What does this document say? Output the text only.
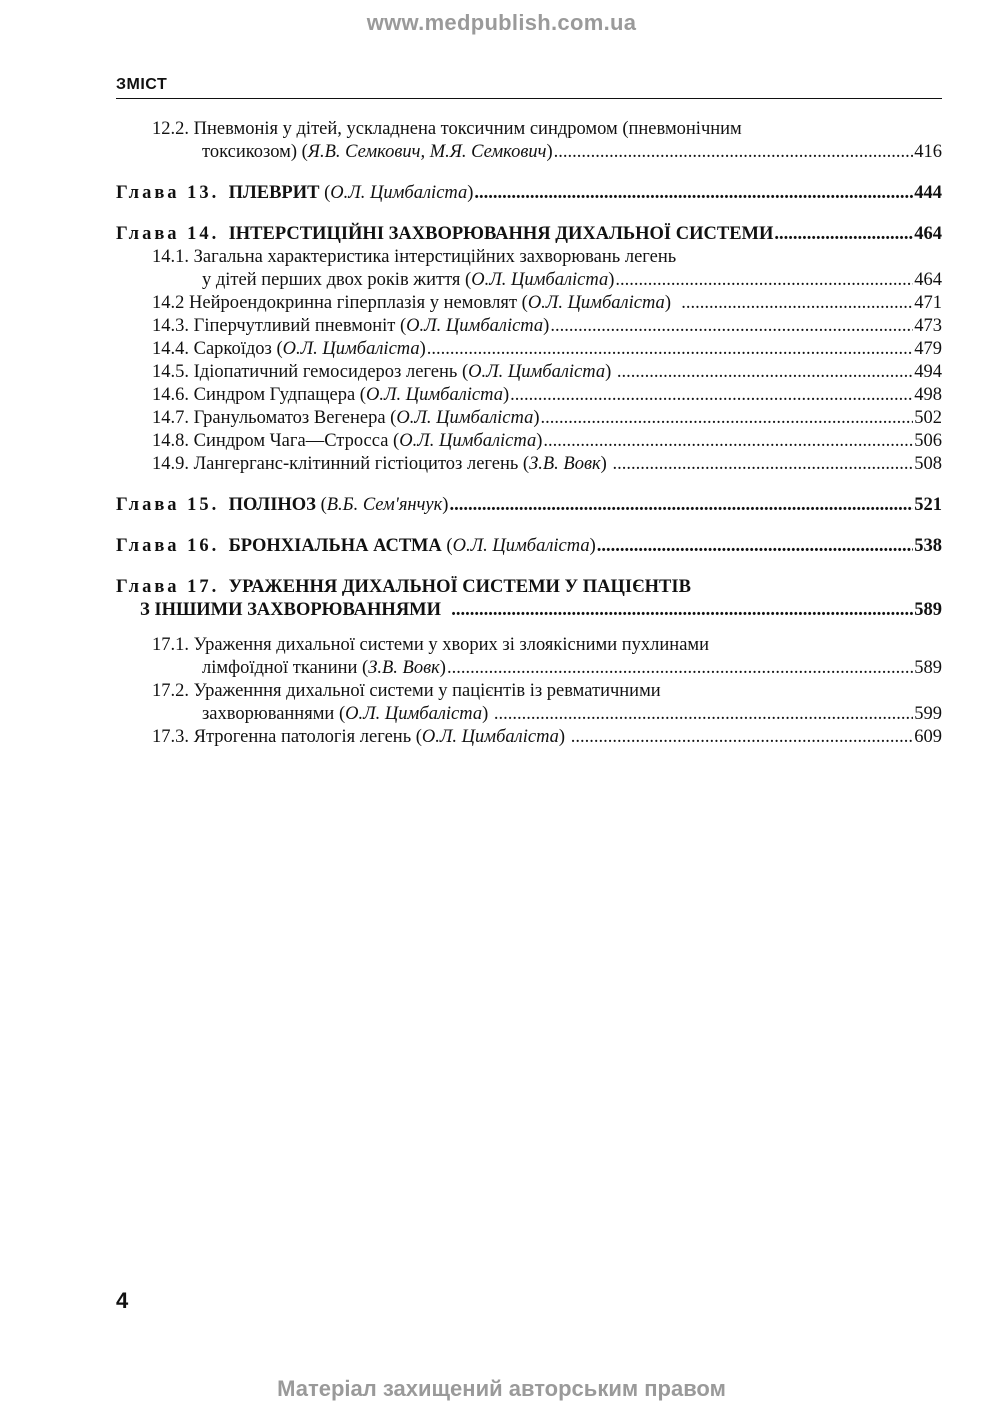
www.medpublish.com.ua
ЗМІСТ
12.2. Пневмонія у дітей, ускладнена токсичним синдромом (пневмонічним
токсикозом) (Я.В. Семкович, М.Я. Семкович) .....	416
Глава 13. ПЛЕВРИТ (О.Л. Цимбаліста) .....	444
Глава 14. ІНТЕРСТИЦІЙНІ ЗАХВОРЮВАННЯ ДИХАЛЬНОЇ СИСТЕМИ .....	464
14.1. Загальна характеристика інтерстиційних захворювань легень
у дітей перших двох років життя (О.Л. Цимбаліста) .....	464
14.2 Нейроендокринна гіперплазія у немовлят (О.Л. Цимбаліста) .....	471
14.3. Гіперчутливий пневмоніт (О.Л. Цимбаліста) .....	473
14.4. Саркоїдоз (О.Л. Цимбаліста) .....	479
14.5. Ідіопатичний гемосидероз легень (О.Л. Цимбаліста) .....	494
14.6. Синдром Гудпащера (О.Л. Цимбаліста) .....	498
14.7. Гранульоматоз Вегенера (О.Л. Цимбаліста) .....	502
14.8. Синдром Чага—Стросса (О.Л. Цимбаліста) .....	506
14.9. Лангерганс-клітинний гістіоцитоз легень (З.В. Вовк) .....	508
Глава 15. ПОЛІНОЗ (В.Б. Сем'янчук) .....	521
Глава 16. БРОНХІАЛЬНА АСТМА (О.Л. Цимбаліста) .....	538
Глава 17. УРАЖЕННЯ ДИХАЛЬНОЇ СИСТЕМИ У ПАЦІЄНТІВ
З ІНШИМИ ЗАХВОРЮВАННЯМИ .....	589
17.1. Ураження дихальної системи у хворих зі злоякісними пухлинами
лімфоїдної тканини (З.В. Вовк) .....	589
17.2. Ураженння дихальної системи у пацієнтів із ревматичними
захворюваннями (О.Л. Цимбаліста) .....	599
17.3. Ятрогенна патологія легень (О.Л. Цимбаліста) .....	609
4
Матеріал захищений авторським правом
